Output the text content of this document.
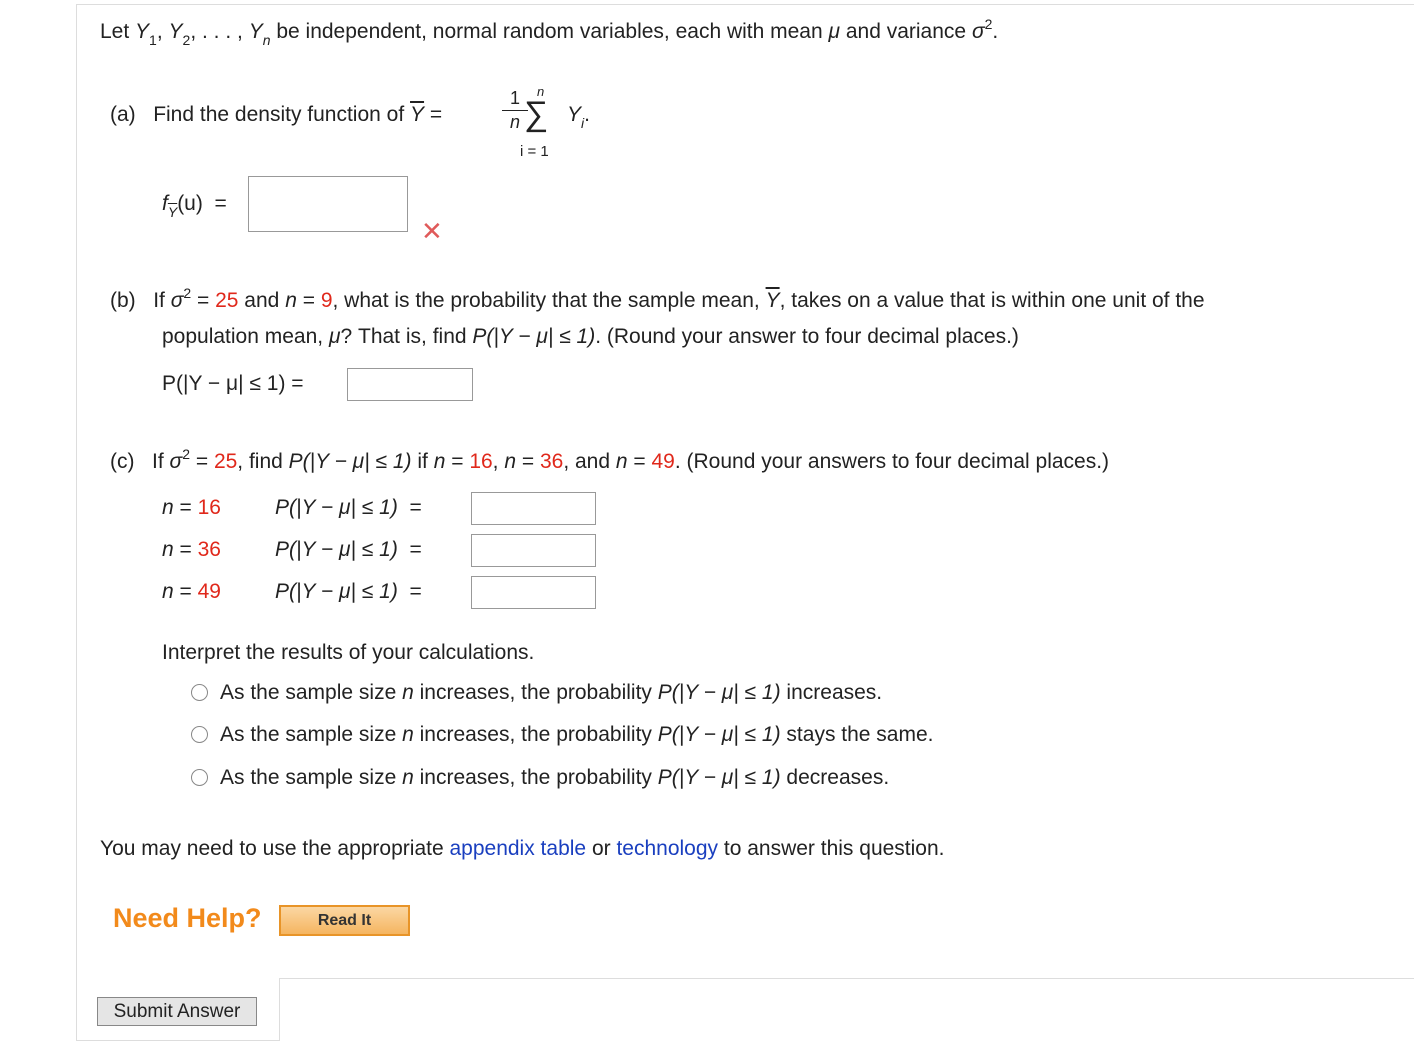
Let $Y_1$, $Y_2$, . . . , $Y_n$ be independent, normal random variables, each with mean μ and variance $\sigma^2$.
(a) Find the density function of $\overline{Y}$ =
1
n
n
∑
i = 1
$Y_i$.
$f_{\overline{Y}}(u)$ =
✕
(b) If $\sigma^2 = 25$ and n = 9, what is the probability that the sample mean, $\overline{Y}$, takes on a value that is within one unit of the
population mean, μ? That is, find P(|Y − μ| ≤ 1). (Round your answer to four decimal places.)
P(|Y − μ| ≤ 1) =
(c) If $\sigma^2 = 25$, find P(|Y − μ| ≤ 1) if n = 16, n = 36, and n = 49. (Round your answers to four decimal places.)
n = 16	P(|Y − μ| ≤ 1) =
n = 36	P(|Y − μ| ≤ 1) =
n = 49	P(|Y − μ| ≤ 1) =
Interpret the results of your calculations.
As the sample size n increases, the probability P(|Y − μ| ≤ 1) increases.
As the sample size n increases, the probability P(|Y − μ| ≤ 1) stays the same.
As the sample size n increases, the probability P(|Y − μ| ≤ 1) decreases.
You may need to use the appropriate appendix table or technology to answer this question.
Need Help?	Read It
Submit Answer
